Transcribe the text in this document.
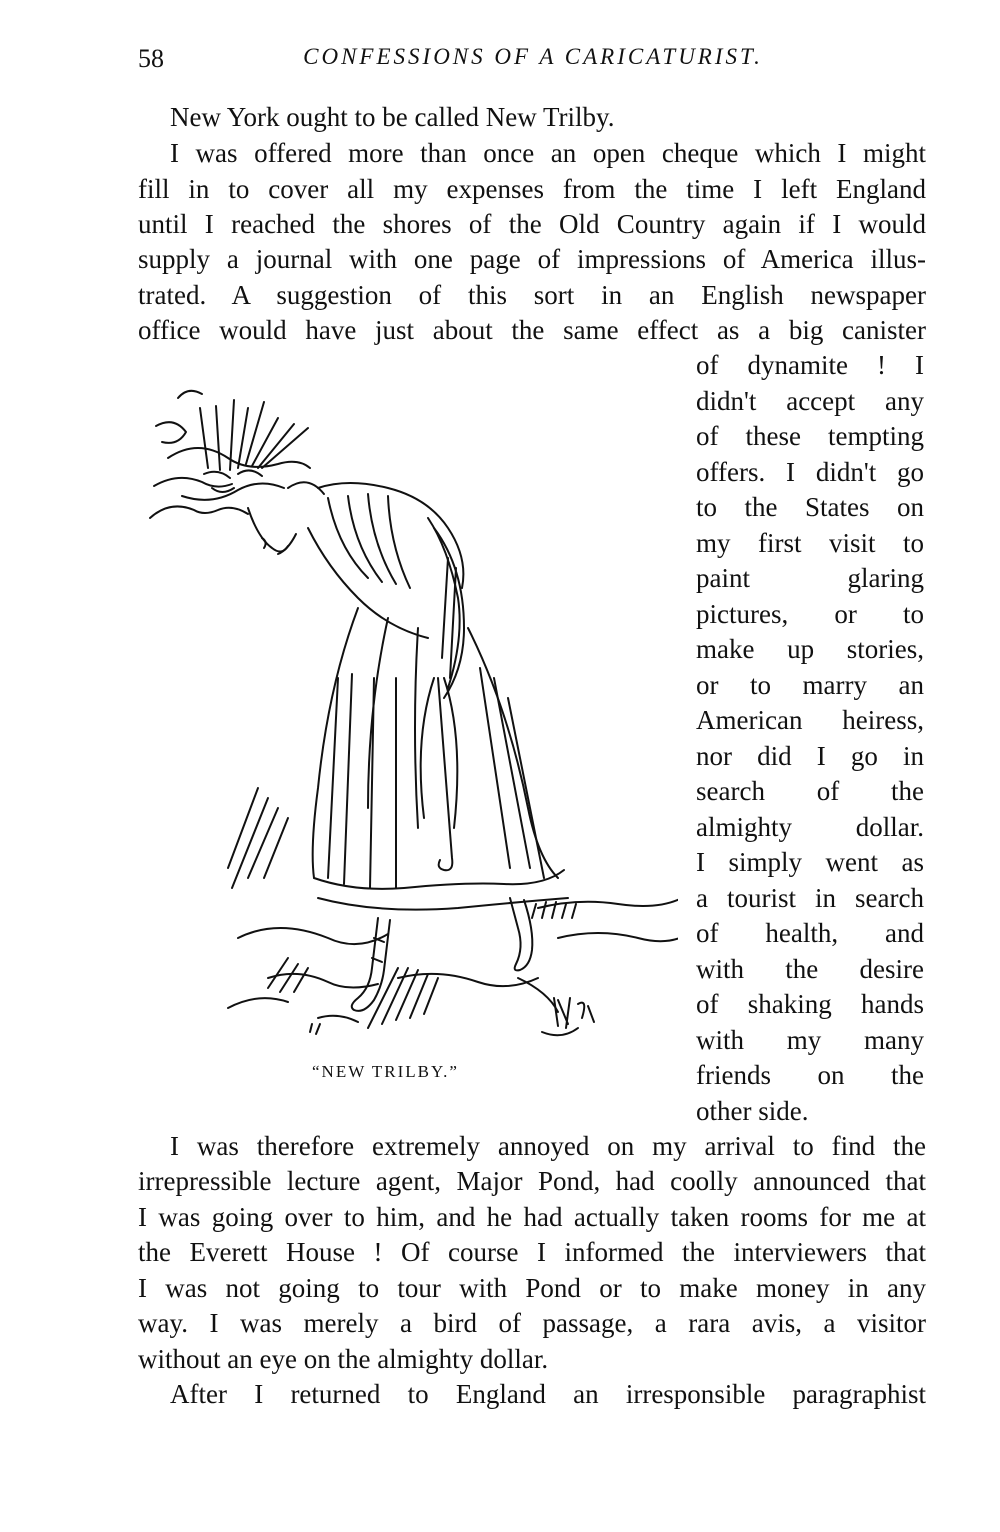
58	CONFESSIONS OF A CARICATURIST.
New York ought to be called New Trilby.
I was offered more than once an open cheque which I might
fill in to cover all my expenses from the time I left England
until I reached the shores of the Old Country again if I would
supply a journal with one page of impressions of America illus-
trated. A suggestion of this sort in an English newspaper
office would have just about the same effect as a big canister
of dynamite ! I
didn't accept any
of these tempting
offers. I didn't go
to the States on
my first visit to
paint glaring
pictures, or to
make up stories,
or to marry an
American heiress,
nor did I go in
search of the
almighty dollar.
I simply went as
a tourist in search
of health, and
with the desire
of shaking hands
with my many
friends on the
other side.
“NEW TRILBY.”
I was therefore extremely annoyed on my arrival to find the
irrepressible lecture agent, Major Pond, had coolly announced that
I was going over to him, and he had actually taken rooms for me at
the Everett House ! Of course I informed the interviewers that
I was not going to tour with Pond or to make money in any
way. I was merely a bird of passage, a rara avis, a visitor
without an eye on the almighty dollar.
After I returned to England an irresponsible paragraphist
